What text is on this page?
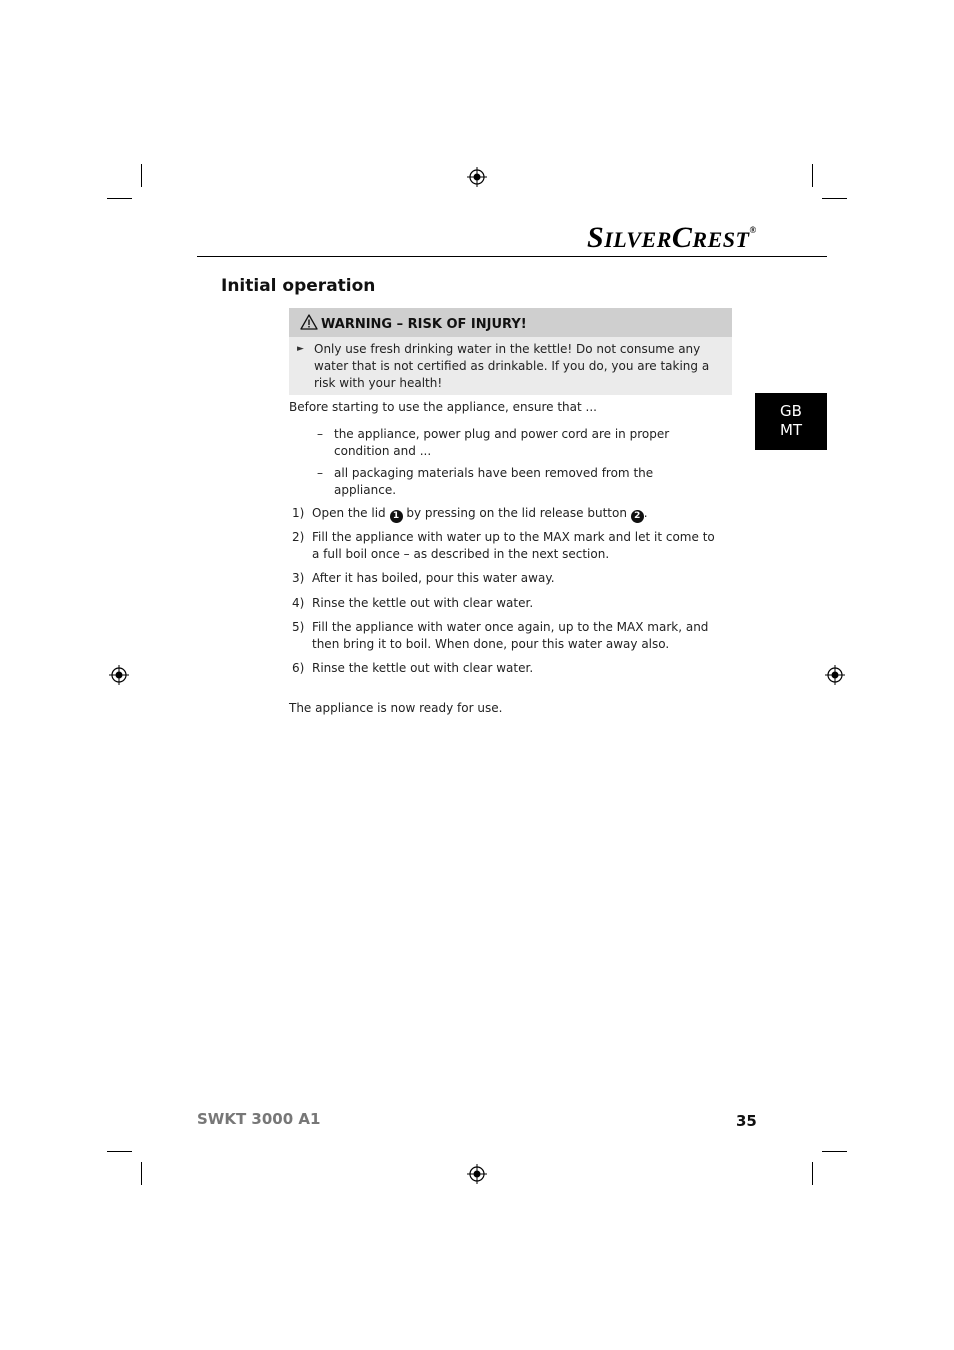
SILVERCREST®
Initial operation
WARNING – RISK OF INJURY!
► Only use fresh drinking water in the kettle! Do not consume any water that is not certified as drinkable. If you do, you are taking a risk with your health!
Before starting to use the appliance, ensure that ...
– the appliance, power plug and power cord are in proper condition and ...
– all packaging materials have been removed from the appliance.
1) Open the lid 1 by pressing on the lid release button 2 .
2) Fill the appliance with water up to the MAX mark and let it come to a full boil once – as described in the next section.
3) After it has boiled, pour this water away.
4) Rinse the kettle out with clear water.
5) Fill the appliance with water once again, up to the MAX mark, and then bring it to boil. When done, pour this water away also.
6) Rinse the kettle out with clear water.
The appliance is now ready for use.
GB
MT
SWKT 3000 A1	35
